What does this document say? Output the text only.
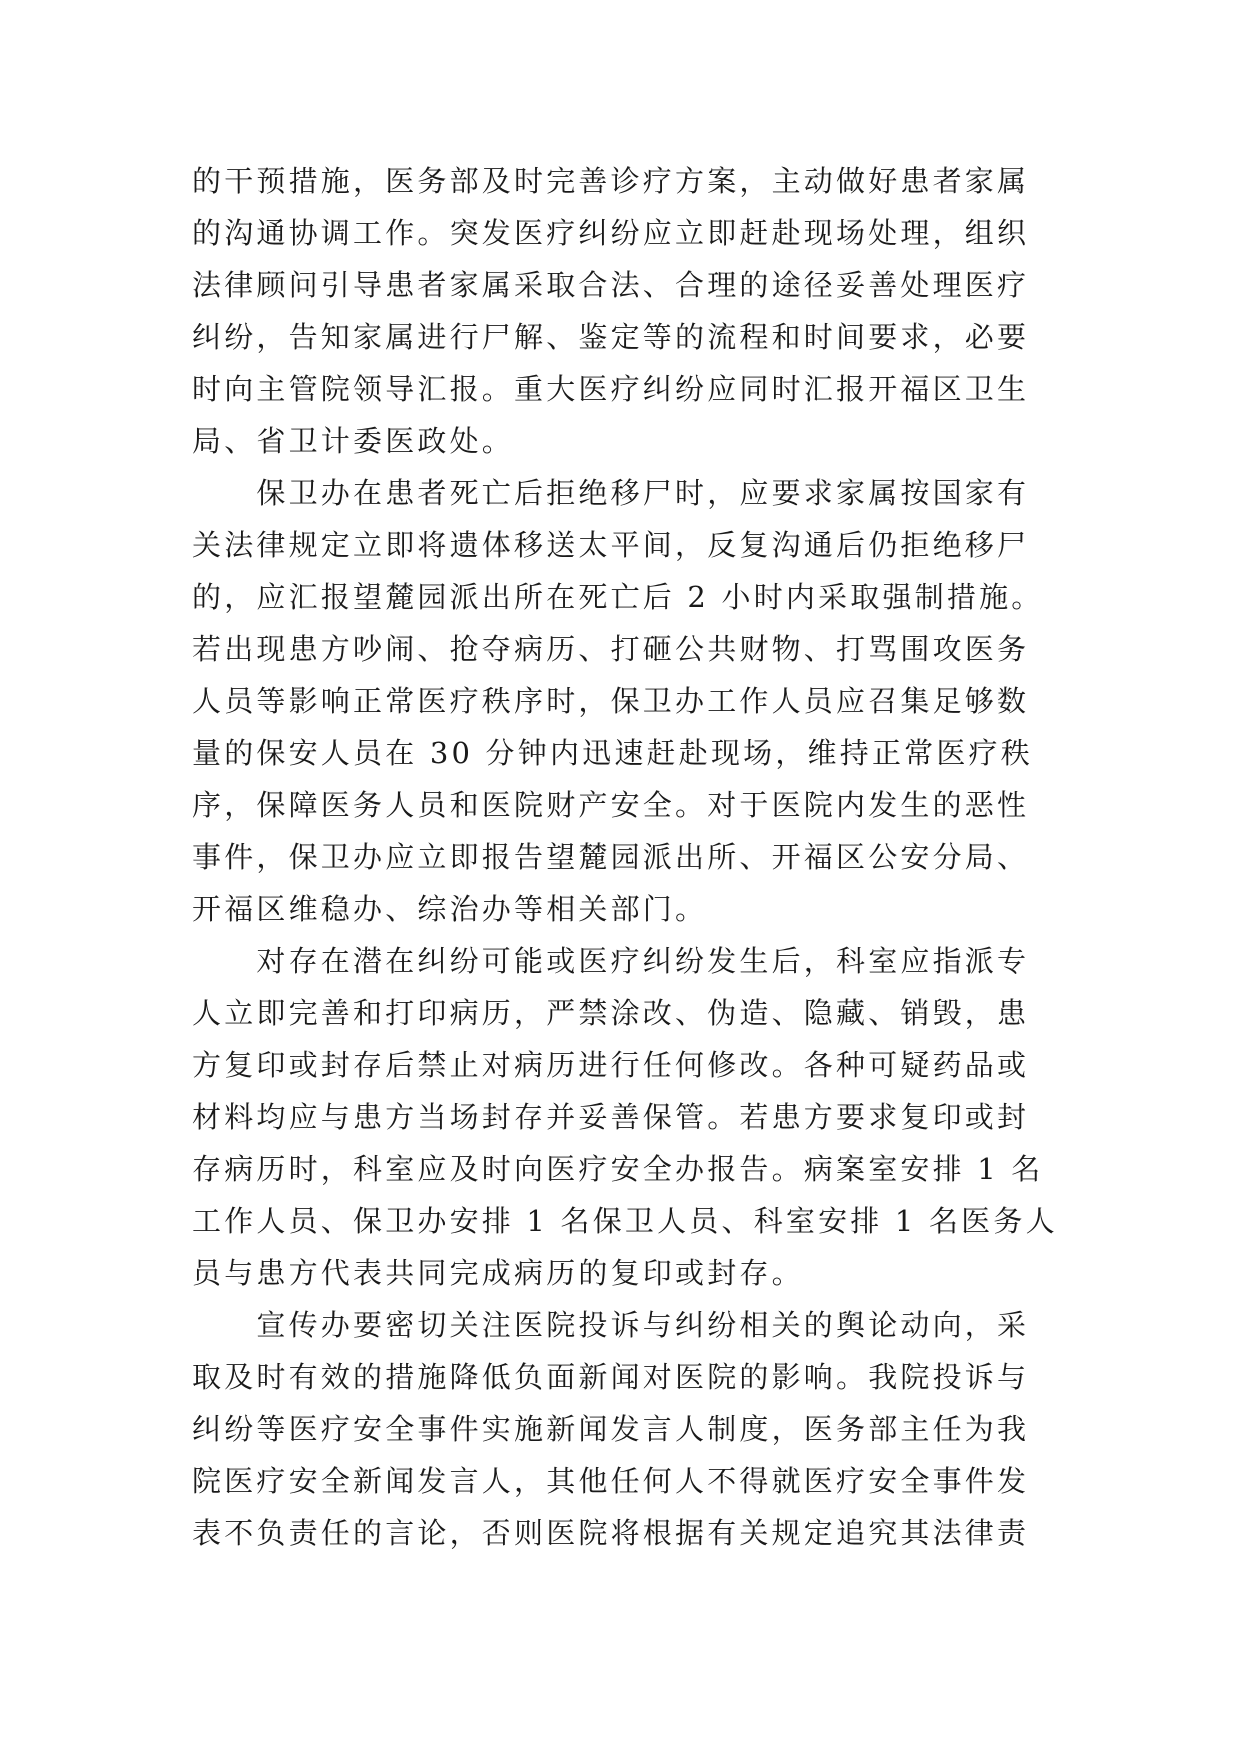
的干预措施，医务部及时完善诊疗方案，主动做好患者家属
的沟通协调工作。突发医疗纠纷应立即赶赴现场处理，组织
法律顾问引导患者家属采取合法、合理的途径妥善处理医疗
纠纷，告知家属进行尸解、鉴定等的流程和时间要求，必要
时向主管院领导汇报。重大医疗纠纷应同时汇报开福区卫生
局、省卫计委医政处。
　　保卫办在患者死亡后拒绝移尸时，应要求家属按国家有
关法律规定立即将遗体移送太平间，反复沟通后仍拒绝移尸
的，应汇报望麓园派出所在死亡后 2 小时内采取强制措施。
若出现患方吵闹、抢夺病历、打砸公共财物、打骂围攻医务
人员等影响正常医疗秩序时，保卫办工作人员应召集足够数
量的保安人员在 30 分钟内迅速赶赴现场，维持正常医疗秩
序，保障医务人员和医院财产安全。对于医院内发生的恶性
事件，保卫办应立即报告望麓园派出所、开福区公安分局、
开福区维稳办、综治办等相关部门。
　　对存在潜在纠纷可能或医疗纠纷发生后，科室应指派专
人立即完善和打印病历，严禁涂改、伪造、隐藏、销毁，患
方复印或封存后禁止对病历进行任何修改。各种可疑药品或
材料均应与患方当场封存并妥善保管。若患方要求复印或封
存病历时，科室应及时向医疗安全办报告。病案室安排 1 名
工作人员、保卫办安排 1 名保卫人员、科室安排 1 名医务人
员与患方代表共同完成病历的复印或封存。
　　宣传办要密切关注医院投诉与纠纷相关的舆论动向，采
取及时有效的措施降低负面新闻对医院的影响。我院投诉与
纠纷等医疗安全事件实施新闻发言人制度，医务部主任为我
院医疗安全新闻发言人，其他任何人不得就医疗安全事件发
表不负责任的言论，否则医院将根据有关规定追究其法律责
